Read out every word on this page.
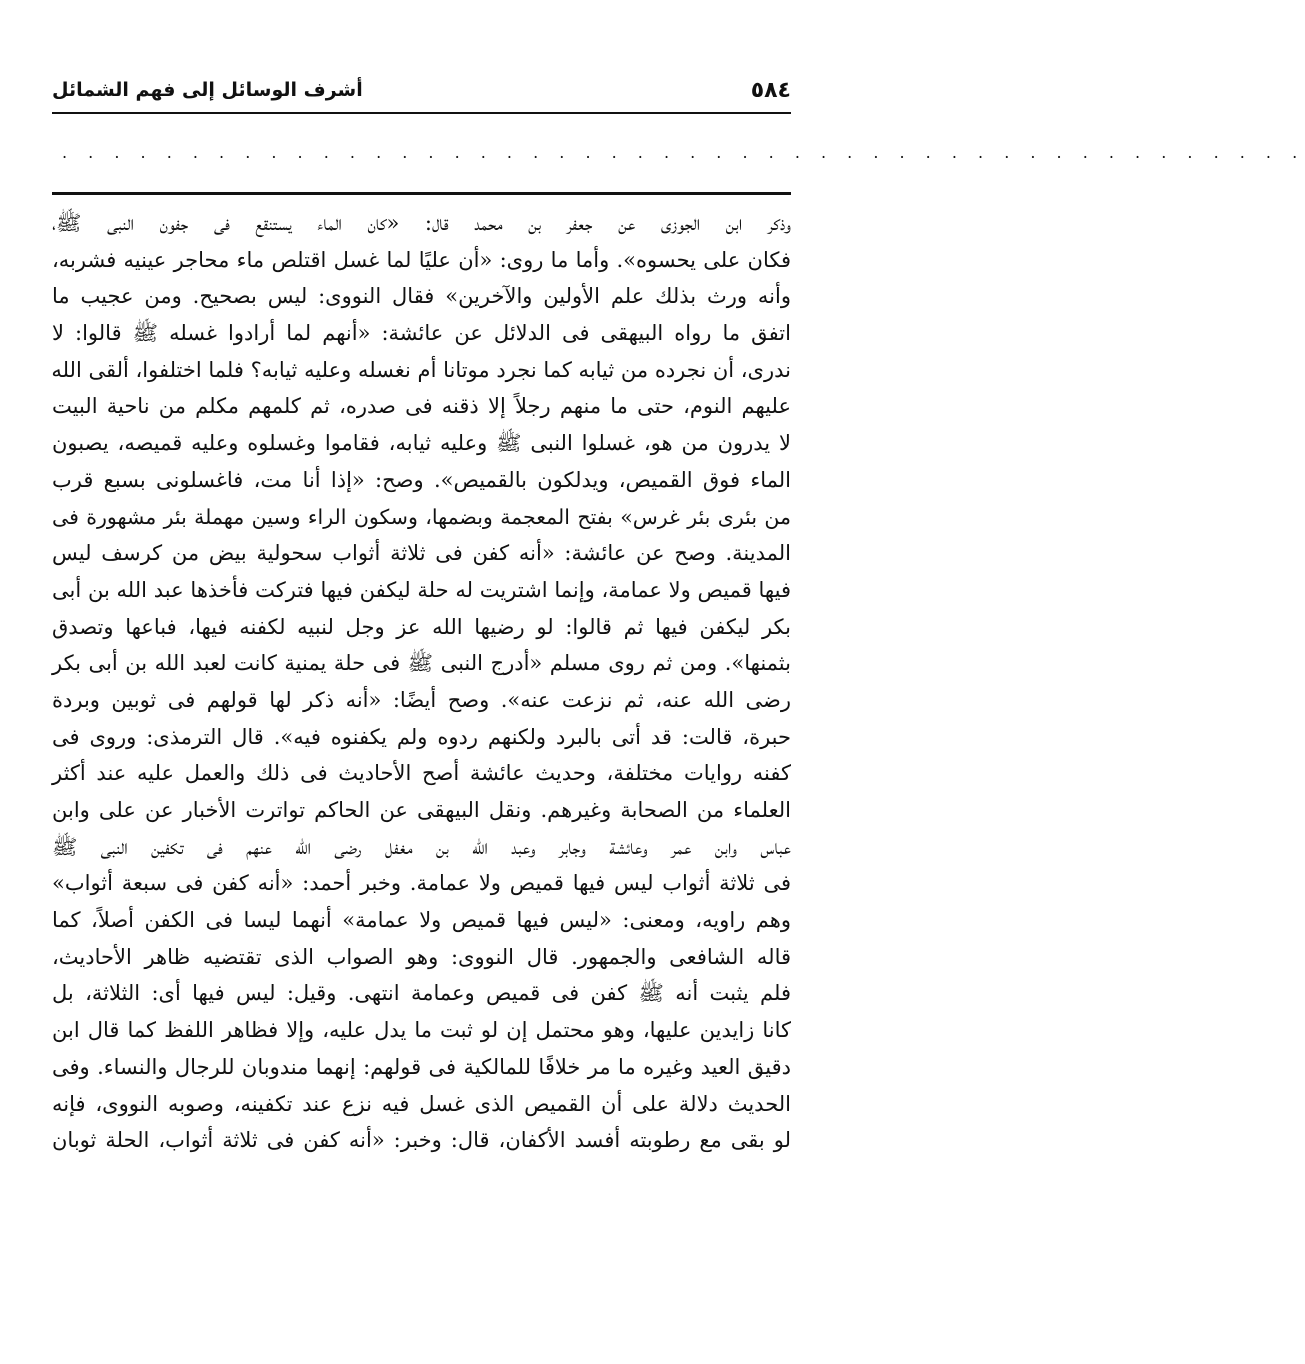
أشرف الوسائل إلى فهم الشمائل	٥٨٤
. . . . . . . . . . . . . . . . . . . . . . . . . . . . . . . . . . . . . . . . . . . . . . . .
وذكر ابن الجوزى عن جعفر بن محمد قال: «كان الماء يستنقع فى جفون النبى ﷺ،
فكان على يحسوه». وأما ما روى: «أن عليًا لما غسل اقتلص ماء محاجر عينيه فشربه،
وأنه ورث بذلك علم الأولين والآخرين» فقال النووى: ليس بصحيح. ومن عجيب ما
اتفق ما رواه البيهقى فى الدلائل عن عائشة: «أنهم لما أرادوا غسله ﷺ قالوا: لا
ندرى، أن نجرده من ثيابه كما نجرد موتانا أم نغسله وعليه ثيابه؟ فلما اختلفوا، ألقى الله
عليهم النوم، حتى ما منهم رجلاً إلا ذقنه فى صدره، ثم كلمهم مكلم من ناحية البيت
لا يدرون من هو، غسلوا النبى ﷺ وعليه ثيابه، فقاموا وغسلوه وعليه قميصه، يصبون
الماء فوق القميص، ويدلكون بالقميص». وصح: «إذا أنا مت، فاغسلونى بسبع قرب
من بئرى بئر غرس» بفتح المعجمة وبضمها، وسكون الراء وسين مهملة بئر مشهورة فى
المدينة. وصح عن عائشة: «أنه كفن فى ثلاثة أثواب سحولية بيض من كرسف ليس
فيها قميص ولا عمامة، وإنما اشتريت له حلة ليكفن فيها فتركت فأخذها عبد الله بن أبى
بكر ليكفن فيها ثم قالوا: لو رضيها الله عز وجل لنبيه لكفنه فيها، فباعها وتصدق
بثمنها». ومن ثم روى مسلم «أدرج النبى ﷺ فى حلة يمنية كانت لعبد الله بن أبى بكر
رضى الله عنه، ثم نزعت عنه». وصح أيضًا: «أنه ذكر لها قولهم فى ثوبين وبردة
حبرة، قالت: قد أتى بالبرد ولكنهم ردوه ولم يكفنوه فيه». قال الترمذى: وروى فى
كفنه روايات مختلفة، وحديث عائشة أصح الأحاديث فى ذلك والعمل عليه عند أكثر
العلماء من الصحابة وغيرهم. ونقل البيهقى عن الحاكم تواترت الأخبار عن على وابن
عباس وابن عمر وعائشة وجابر وعبد الله بن مغفل رضى الله عنهم فى تكفين النبى ﷺ
فى ثلاثة أثواب ليس فيها قميص ولا عمامة. وخبر أحمد: «أنه كفن فى سبعة أثواب»
وهم راويه، ومعنى: «ليس فيها قميص ولا عمامة» أنهما ليسا فى الكفن أصلاً، كما
قاله الشافعى والجمهور. قال النووى: وهو الصواب الذى تقتضيه ظاهر الأحاديث،
فلم يثبت أنه ﷺ كفن فى قميص وعمامة انتهى. وقيل: ليس فيها أى: الثلاثة، بل
كانا زايدين عليها، وهو محتمل إن لو ثبت ما يدل عليه، وإلا فظاهر اللفظ كما قال ابن
دقيق العيد وغيره ما مر خلافًا للمالكية فى قولهم: إنهما مندوبان للرجال والنساء. وفى
الحديث دلالة على أن القميص الذى غسل فيه نزع عند تكفينه، وصوبه النووى، فإنه
لو بقى مع رطوبته أفسد الأكفان، قال: وخبر: «أنه كفن فى ثلاثة أثواب، الحلة ثوبان
